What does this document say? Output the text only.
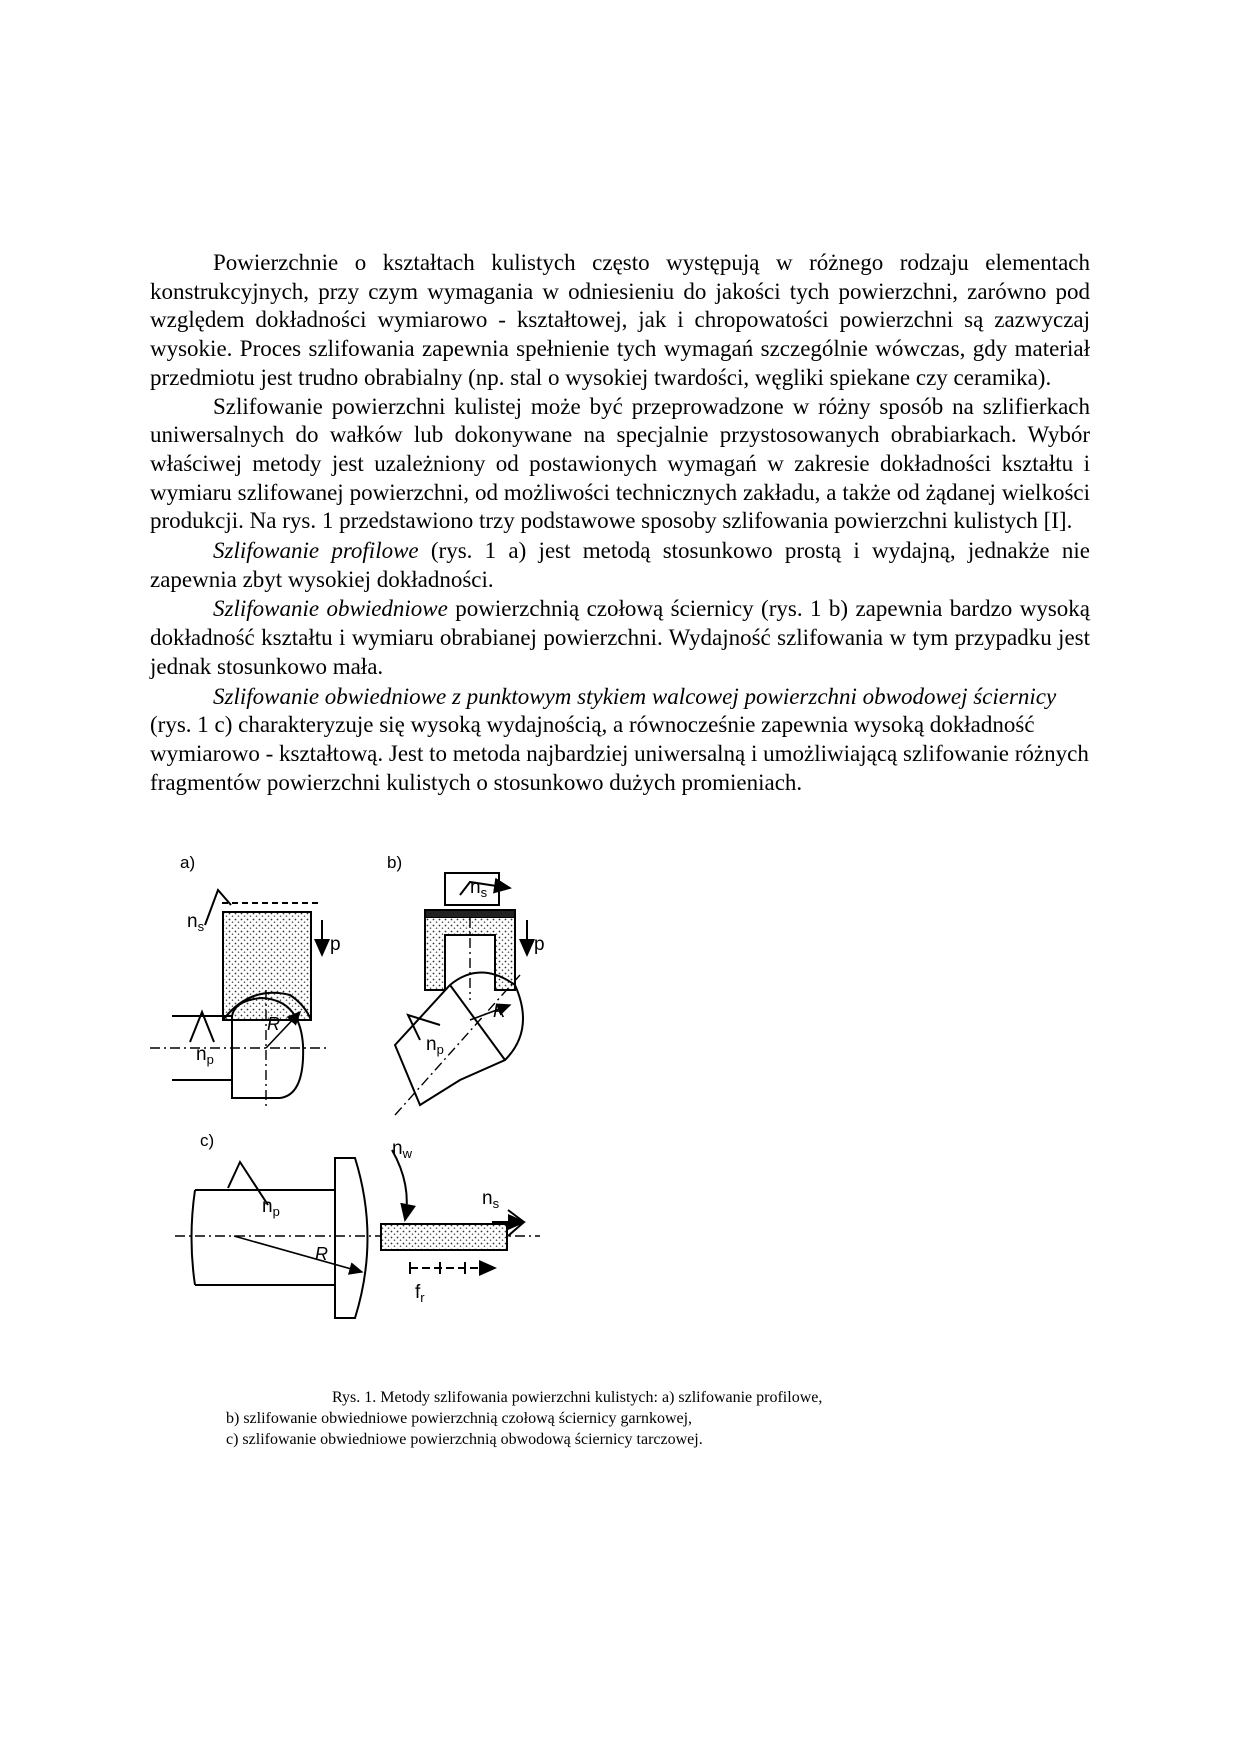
Powierzchnie o kształtach kulistych często występują w różnego rodzaju elementach konstrukcyjnych, przy czym wymagania w odniesieniu do jakości tych powierzchni, zarówno pod względem dokładności wymiarowo - kształtowej, jak i chropowatości powierzchni są zazwyczaj wysokie. Proces szlifowania zapewnia spełnienie tych wymagań szczególnie wówczas, gdy materiał przedmiotu jest trudno obrabialny (np. stal o wysokiej twardości, węgliki spiekane czy ceramika).

Szlifowanie powierzchni kulistej może być przeprowadzone w różny sposób na szlifierkach uniwersalnych do wałków lub dokonywane na specjalnie przystosowanych obrabiarkach. Wybór właściwej metody jest uzależniony od postawionych wymagań w zakresie dokładności kształtu i wymiaru szlifowanej powierzchni, od możliwości technicznych zakładu, a także od żądanej wielkości produkcji. Na rys. 1 przedstawiono trzy podstawowe sposoby szlifowania powierzchni kulistych [I].

Szlifowanie profilowe (rys. 1 a) jest metodą stosunkowo prostą i wydajną, jednakże nie zapewnia zbyt wysokiej dokładności.

Szlifowanie obwiedniowe powierzchnią czołową ściernicy (rys. 1 b) zapewnia bardzo wysoką dokładność kształtu i wymiaru obrabianej powierzchni. Wydajność szlifowania w tym przypadku jest jednak stosunkowo mała.

Szlifowanie obwiedniowe z punktowym stykiem walcowej powierzchni obwodowej ściernicy (rys. 1 c) charakteryzuje się wysoką wydajnością, a równocześnie zapewnia wysoką dokładność wymiarowo - kształtową. Jest to metoda najbardziej uniwersalną i umożliwiającą szlifowanie różnych fragmentów powierzchni kulistych o stosunkowo dużych promieniach.

a)
$n_s$
p
R
$n_p$
b)
$n_s$
p
R
$n_p$
c)
R
$n_p$
$n_w$
$n_s$
$f_r$
Rys. 1. Metody szlifowania powierzchni kulistych: a) szlifowanie profilowe,
b) szlifowanie obwiedniowe powierzchnią czołową ściernicy garnkowej,
c) szlifowanie obwiedniowe powierzchnią obwodową ściernicy tarczowej.
